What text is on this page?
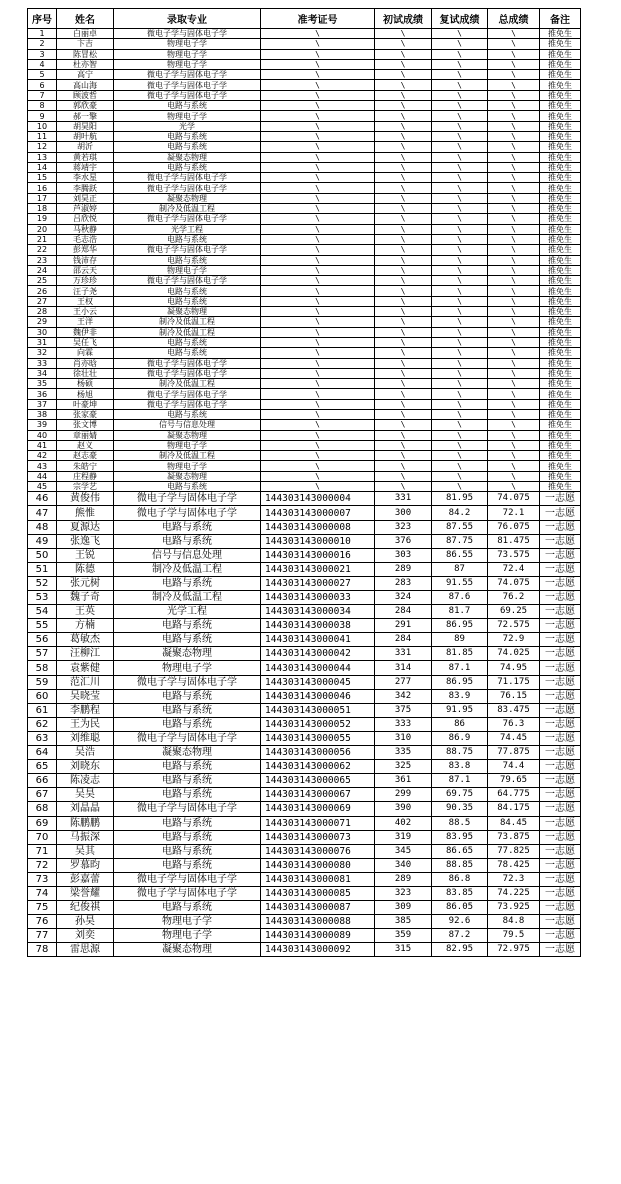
序号	姓名	录取专业	准考证号	初试成绩	复试成绩	总成绩	备注
1	白丽卓	微电子学与固体电子学	\	\	\	\	推免生
2	卞吉	物理电子学	\	\	\	\	推免生
3	陈冒松	物理电子学	\	\	\	\	推免生
4	杜亦智	物理电子学	\	\	\	\	推免生
5	高宁	微电子学与固体电子学	\	\	\	\	推免生
6	高山海	微电子学与固体电子学	\	\	\	\	推免生
7	顾波哲	微电子学与固体电子学	\	\	\	\	推免生
8	郭欣豪	电路与系统	\	\	\	\	推免生
9	郝一擎	物理电子学	\	\	\	\	推免生
10	胡昊阳	光学	\	\	\	\	推免生
11	胡叶航	电路与系统	\	\	\	\	推免生
12	胡沂	电路与系统	\	\	\	\	推免生
13	黄若琪	凝聚态物理	\	\	\	\	推免生
14	蒋靖宇	电路与系统	\	\	\	\	推免生
15	李水星	微电子学与固体电子学	\	\	\	\	推免生
16	李腾跃	微电子学与固体电子学	\	\	\	\	推免生
17	刘昊正	凝聚态物理	\	\	\	\	推免生
18	芦淑婷	制冷及低温工程	\	\	\	\	推免生
19	吕欣悦	微电子学与固体电子学	\	\	\	\	推免生
20	马秋静	光学工程	\	\	\	\	推免生
21	毛志浩	电路与系统	\	\	\	\	推免生
22	彭郑华	微电子学与固体电子学	\	\	\	\	推免生
23	钱沛存	电路与系统	\	\	\	\	推免生
24	邵云天	物理电子学	\	\	\	\	推免生
25	万珍珍	微电子学与固体电子学	\	\	\	\	推免生
26	汪子尧	电路与系统	\	\	\	\	推免生
27	王权	电路与系统	\	\	\	\	推免生
28	王小云	凝聚态物理	\	\	\	\	推免生
29	王洋	制冷及低温工程	\	\	\	\	推免生
30	魏伊非	制冷及低温工程	\	\	\	\	推免生
31	吴任飞	电路与系统	\	\	\	\	推免生
32	向霖	电路与系统	\	\	\	\	推免生
33	肖亦晗	微电子学与固体电子学	\	\	\	\	推免生
34	徐壮壮	微电子学与固体电子学	\	\	\	\	推免生
35	杨硕	制冷及低温工程	\	\	\	\	推免生
36	杨旭	微电子学与固体电子学	\	\	\	\	推免生
37	叶豪坤	微电子学与固体电子学	\	\	\	\	推免生
38	张家豪	电路与系统	\	\	\	\	推免生
39	张文博	信号与信息处理	\	\	\	\	推免生
40	章丽婧	凝聚态物理	\	\	\	\	推免生
41	赵义	物理电子学	\	\	\	\	推免生
42	赵志豪	制冷及低温工程	\	\	\	\	推免生
43	朱皓宁	物理电子学	\	\	\	\	推免生
44	庄程静	凝聚态物理	\	\	\	\	推免生
45	宗学艺	电路与系统	\	\	\	\	推免生
46	黄俊伟	微电子学与固体电子学	144303143000004	331	81.95	74.075	一志愿
47	熊惟	微电子学与固体电子学	144303143000007	300	84.2	72.1	一志愿
48	夏源达	电路与系统	144303143000008	323	87.55	76.075	一志愿
49	张逸飞	电路与系统	144303143000010	376	87.75	81.475	一志愿
50	王锐	信号与信息处理	144303143000016	303	86.55	73.575	一志愿
51	陈德	制冷及低温工程	144303143000021	289	87	72.4	一志愿
52	张元树	电路与系统	144303143000027	283	91.55	74.075	一志愿
53	魏子奇	制冷及低温工程	144303143000033	324	87.6	76.2	一志愿
54	王英	光学工程	144303143000034	284	81.7	69.25	一志愿
55	方楠	电路与系统	144303143000038	291	86.95	72.575	一志愿
56	葛敏杰	电路与系统	144303143000041	284	89	72.9	一志愿
57	汪柳江	凝聚态物理	144303143000042	331	81.85	74.025	一志愿
58	袁紫健	物理电子学	144303143000044	314	87.1	74.95	一志愿
59	范汇川	微电子学与固体电子学	144303143000045	277	86.95	71.175	一志愿
60	吴晓莹	电路与系统	144303143000046	342	83.9	76.15	一志愿
61	李鹏程	电路与系统	144303143000051	375	91.95	83.475	一志愿
62	王为民	电路与系统	144303143000052	333	86	76.3	一志愿
63	刘维聪	微电子学与固体电子学	144303143000055	310	86.9	74.45	一志愿
64	吴浩	凝聚态物理	144303143000056	335	88.75	77.875	一志愿
65	刘晓东	电路与系统	144303143000062	325	83.8	74.4	一志愿
66	陈凌志	电路与系统	144303143000065	361	87.1	79.65	一志愿
67	吴昊	电路与系统	144303143000067	299	69.75	64.775	一志愿
68	刘晶晶	微电子学与固体电子学	144303143000069	390	90.35	84.175	一志愿
69	陈鹏鹏	电路与系统	144303143000071	402	88.5	84.45	一志愿
70	马振深	电路与系统	144303143000073	319	83.95	73.875	一志愿
71	吴其	电路与系统	144303143000076	345	86.65	77.825	一志愿
72	罗慕昀	电路与系统	144303143000080	340	88.85	78.425	一志愿
73	彭嘉蕾	微电子学与固体电子学	144303143000081	289	86.8	72.3	一志愿
74	梁誉耀	微电子学与固体电子学	144303143000085	323	83.85	74.225	一志愿
75	纪俊祺	电路与系统	144303143000087	309	86.05	73.925	一志愿
76	孙昊	物理电子学	144303143000088	385	92.6	84.8	一志愿
77	刘奕	物理电子学	144303143000089	359	87.2	79.5	一志愿
78	雷思源	凝聚态物理	144303143000092	315	82.95	72.975	一志愿
